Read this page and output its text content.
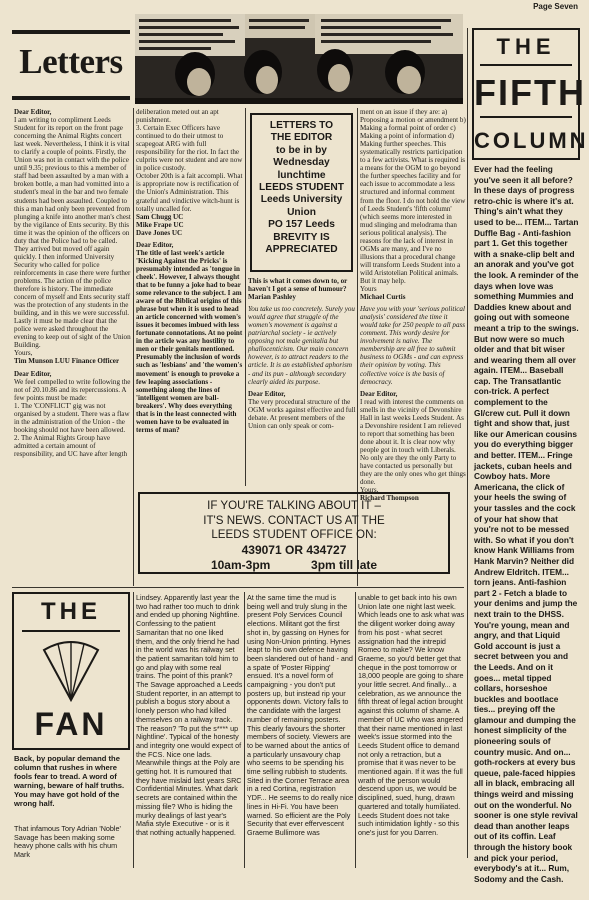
Page Seven
Letters	THE
FIFTH
COLUMN
Ever had the feeling you've seen it all before? In these days of progress retro-chic is where it's at. Thing's ain't what they used to be... ITEM... Tartan Duffle Bag - Anti-fashion part 1. Get this together with a snake-clip belt and an anorak and you've got the look. A reminder of the days when love was something Mummies and Daddies knew about and going out with someone meant a trip to the swings. But now were so much older and that bit wiser and wearing them all over again. ITEM... Baseball cap. The Transatlantic con-trick. A perfect complement to the GI/crew cut. Pull it down tight and show that, just like our American cousins you do everything bigger and better. ITEM... Fringe jackets, cuban heels and Cowboy hats. More Americana, the click of your heels the swing of your tassles and the cock of your hat show that you're not to be messed with. So what if you don't know Hank Williams from Hank Marvin? Neither did Andrew Eldritch. ITEM... torn jeans. Anti-fashion part 2 - Fetch a blade to your denims and jump the next train to the DHSS. You're young, mean and angry, and that Liquid Gold account is just a secret between you and the Leeds. And on it goes... metal tipped collars, horseshoe buckles and bootlace ties... preying off the glamour and dumping the honest simplicity of the pioneering souls of country music. And on... goth-rockers at every bus queue, pale-faced hippies all in black, embracing all things weird and missing out on the wonderful. No sooner is one style revival dead than another leaps out of its coffin. Leaf through the history book and pick your period, everybody's at it... Rum, Sodomy and the Cash.

Dear Editor,

I am writing to compliment Leeds Student for its report on the front page concerning the Animal Rights concert last week. Nevertheless, I think it is vital to clarify a couple of points. Firstly, the Union was not in contact with the police until 9.35; previous to this a member of staff had been assaulted by a man with a broken bottle, a man had vomitted into a student's meal in the bar and two female students had been assaulted. Coupled to this a man had only been prevented from plunging a knife into another man's chest by the vigilance of Ents security. By this time it was the opinion of the officers on duty that the Police had to be called. They arrived but moved off again quickly. I then informed University Security who called for police reinforcements in case there were further problems. The action of the police therefore is history. The immediate concern of myself and Ents security staff was the protection of any students in the building, and in this we were successful. Lastly it must be made clear that the police were asked throughout the evening to keep out of sight of the Union Building.

Yours,

Tim Munson LUU Finance Officer

Dear Editor,

We feel compelled to write following the not of 20.10.86 and its repercussions. A few points must be made:

1. The 'CONFLICT' gig was not organised by a student. There was a flaw in the administration of the Union - the booking should not have been allowed.

2. The Animal Rights Group have admitted a certain amount of responsibility, and UC have after length

deliberation meted out an apt punishment.

3. Certain Exec Officers have continued to do their utmost to scapegoat ARG with full responsibility for the riot. In fact the culprits were not student and are now in police custody.

October 20th is a fait accompli. What is appropriate now is rectification of the Union's Administration. This grateful and vindictive witch-hunt is totally uncalled for.

Sam Chugg UC

Mike Frape UC

Dave Jones UC

Dear Editor,

The title of last week's article 'Kicking Against the Pricks' is presumably intended as 'tongue in cheek'. However, I always thought that to be funny a joke had to bear some relevance to the subject. I am aware of the Biblical origins of this phrase but when it is used to head an article concerned with women's issues it becomes imbued with less fortunate connotations. At no point in the article was any hostility to men or their genitals mentioned. Presumably the inclusion of words such as 'lesbians' and 'the women's movement' is enough to provoke a few leaping associations - something along the lines of 'intelligent women are ball-breakers'. Why does everything that is in the least connected with women have to be evaluated in terms of man?

LETTERS TO
THE EDITOR
to be in by
Wednesday
lunchtime
LEEDS STUDENT
Leeds University
Union
PO 157 Leeds
BREVITY IS
APPRECIATED

This is what it comes down to, or haven't I got a sense of humour?

Marian Pashley

You take us too concretely. Surely you would agree that struggle of the women's movement is against a patriarchal society - ie actively opposing not male genitalia but phallocenticism. Our main concern however, is to attract readers to the article. It is an established aphorism - and its pun - although secondary clearly aided its purpose.

Dear Editor,

The very procedural structure of the OGM works against effective and full debate. At present members of the Union can only speak or com-

ment on an issue if they are: a) Proposing a motion or amendment b) Making a formal point of order c) Making a point of information d) Making further speeches. This systematically restricts participation to a few activists. What is required is a means for the OGM to go beyond the further speeches facility and for each issue to accommodate a less structured and informal comment from the floor. I do not hold the view of Leeds Student's 'fifth column' (which seems more interested in mud slinging and melodrama than serious political analysis). The reasons for the lack of interest in OGMs are many, and I've no illusions that a procedural change will transform Leeds Student into a wild Aristotelian Political animals. But it may help.

Yours

Michael Curtis

Have you with your 'serious political analysis' considered the time it would take for 250 people to all pass comment. This wordy desire for involvement is naive. The membership are all free to submit business to OGMs - and can express their opinion by voting. This collective voice is the basis of democracy.

Dear Editor,

I read with interest the comments on smells in the vicinity of Devonshire Hall in last weeks Leeds Student. As a Devonshire resident I am relieved to report that something has been done about it. It is clear now why people got in touch with Liberals. No only are they the only Party to have contacted us personally but they are the only ones who get things done.

Yours,

Richard Thompson

IF YOU'RE TALKING ABOUT IT –
IT'S NEWS. CONTACT US AT THE
LEEDS STUDENT OFFICE ON:
439071 OR 434727
10am-3pm	3pm till late
THE
FAN
Back, by popular demand the column that rushes in where fools fear to tread. A word of warning, beware of half truths. You may have got hold of the wrong half.
That infamous Tory Adrian 'Noble' Savage has been making some heavy phone calls with his chum Mark
Lindsey. Apparently last year the two had rather too much to drink and ended up phoning Nightline. Confessing to the patient Samaritan that no one liked them, and the only friend he had in the world was his railway set the patient samaritan told him to go and play with some real trains. The point of this prank? The Savage approached a Leeds Student reporter, in an attempt to publish a bogus story about a lonely person who had killed themselves on a railway track. The reason? 'To put the s**** up Nightline'. Typical of the honesty and integrity one would expect of the FCS. Nice one lads. Meanwhile things at the Poly are getting hot. It is rumoured that they have mislaid last years SRC Confidential Minutes. What dark secrets are contained within the missing file? Who is hiding the murky dealings of last year's Mafia style Executive - or is it that nothing actually happened.
At the same time the mud is being well and truly slung in the present Poly Services Council elections. Militant got the first shot in, by gassing on Hynes for using Non-Union printing. Hynes leapt to his own defence having been slandered out of hand - and a spate of 'Poster Ripping' ensued. It's a novel form of campaigning - you don't put posters up, but instead rip your opponents down. Victory falls to the candidate with the largest number of remaining posters. This clearly favours the shorter members of society. Viewers are to be warned about the antics of a particularly unsavoury chap who seems to be spending his time selling rubbish to students. Sited in the Corner Terrace area in a red Cortina, registration YDF... He seems to do really nice lines in Hi-Fi. You have been warned. So efficient are the Poly Security that ever effervescent Graeme Bullimore was
unable to get back into his own Union late one night last week. Which leads one to ask what was the diligent worker doing away from his post - what secret assignation had the intrepid Romeo to make? We know Graeme, so you'd better get that cheque in the post tomorrow or 18,000 people are going to share your little secret. And finally... a celebration, as we announce the fifth threat of legal action brought against this column of shame. A member of UC who was angered that their name mentioned in last week's issue stormed into the Leeds Student office to demand not only a retraction, but a promise that it was never to be mentioned again. If it was the full wrath of the person would descend upon us, we would be disciplined, sued, hung, drawn quartered and totally humiliated. Leeds Student does not take such intimidation lightly - so this one's just for you Darren.
